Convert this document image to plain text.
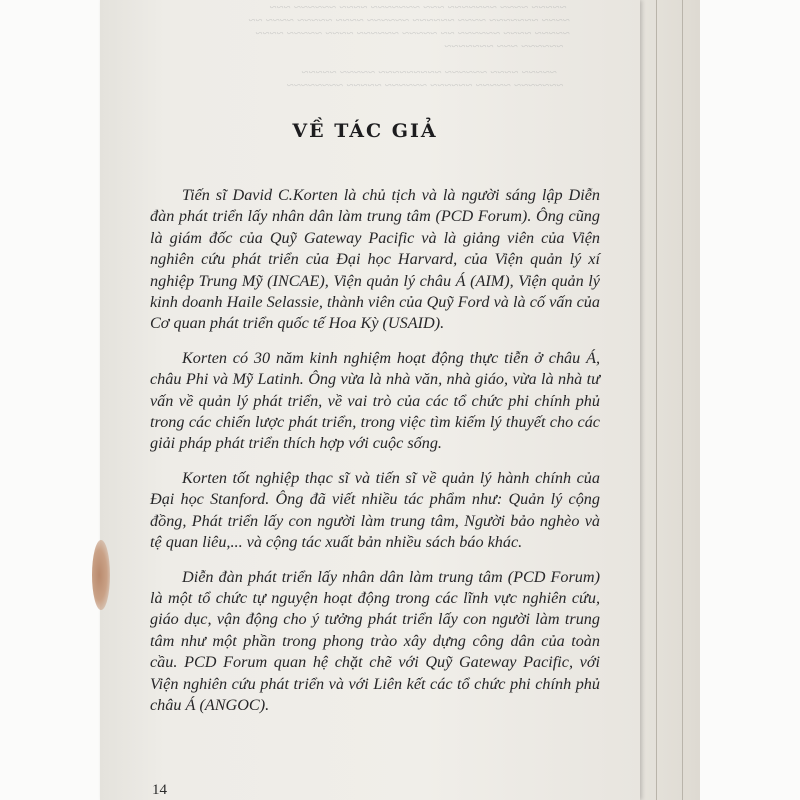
~~~~~ ~~~~ ~~~~~~~ ~~~ ~~~~~~~ ~~~~ ~~~~~~ ~~~
~~~~ ~~~~~~~ ~~~~ ~~~~~~ ~~~~~~ ~~~~ ~~~~~ ~~~~ ~~
~~~~~ ~~~~ ~~~~~~ ~~ ~~~~~ ~~~~~~ ~~~~ ~~~~~ ~~~~
~~~~~~ ~~~ ~~~~~~~

~~~~~ ~~~~ ~~~~~~ ~~~~~~~~~ ~~~~~ ~~~~~
~~~~~~~ ~~~~~ ~~~~~~ ~~~~~~ ~~~~~ ~~~~~~~~
VỀ TÁC GIẢ

Tiến sĩ David C.Korten là chủ tịch và là người sáng lập Diễn đàn phát triển lấy nhân dân làm trung tâm (PCD Forum). Ông cũng là giám đốc của Quỹ Gateway Pacific và là giảng viên của Viện nghiên cứu phát triển của Đại học Harvard, của Viện quản lý xí nghiệp Trung Mỹ (INCAE), Viện quản lý châu Á (AIM), Viện quản lý kinh doanh Haile Selassie, thành viên của Quỹ Ford và là cố vấn của Cơ quan phát triển quốc tế Hoa Kỳ (USAID).

Korten có 30 năm kinh nghiệm hoạt động thực tiễn ở châu Á, châu Phi và Mỹ Latinh. Ông vừa là nhà văn, nhà giáo, vừa là nhà tư vấn về quản lý phát triển, về vai trò của các tổ chức phi chính phủ trong các chiến lược phát triển, trong việc tìm kiếm lý thuyết cho các giải pháp phát triển thích hợp với cuộc sống.

Korten tốt nghiệp thạc sĩ và tiến sĩ về quản lý hành chính của Đại học Stanford. Ông đã viết nhiều tác phẩm như: Quản lý cộng đồng, Phát triển lấy con người làm trung tâm, Người bảo nghèo và tệ quan liêu,... và cộng tác xuất bản nhiều sách báo khác.

Diễn đàn phát triển lấy nhân dân làm trung tâm (PCD Forum) là một tổ chức tự nguyện hoạt động trong các lĩnh vực nghiên cứu, giáo dục, vận động cho ý tưởng phát triển lấy con người làm trung tâm như một phần trong phong trào xây dựng công dân của toàn cầu. PCD Forum quan hệ chặt chẽ với Quỹ Gateway Pacific, với Viện nghiên cứu phát triển và với Liên kết các tổ chức phi chính phủ châu Á (ANGOC).

14
